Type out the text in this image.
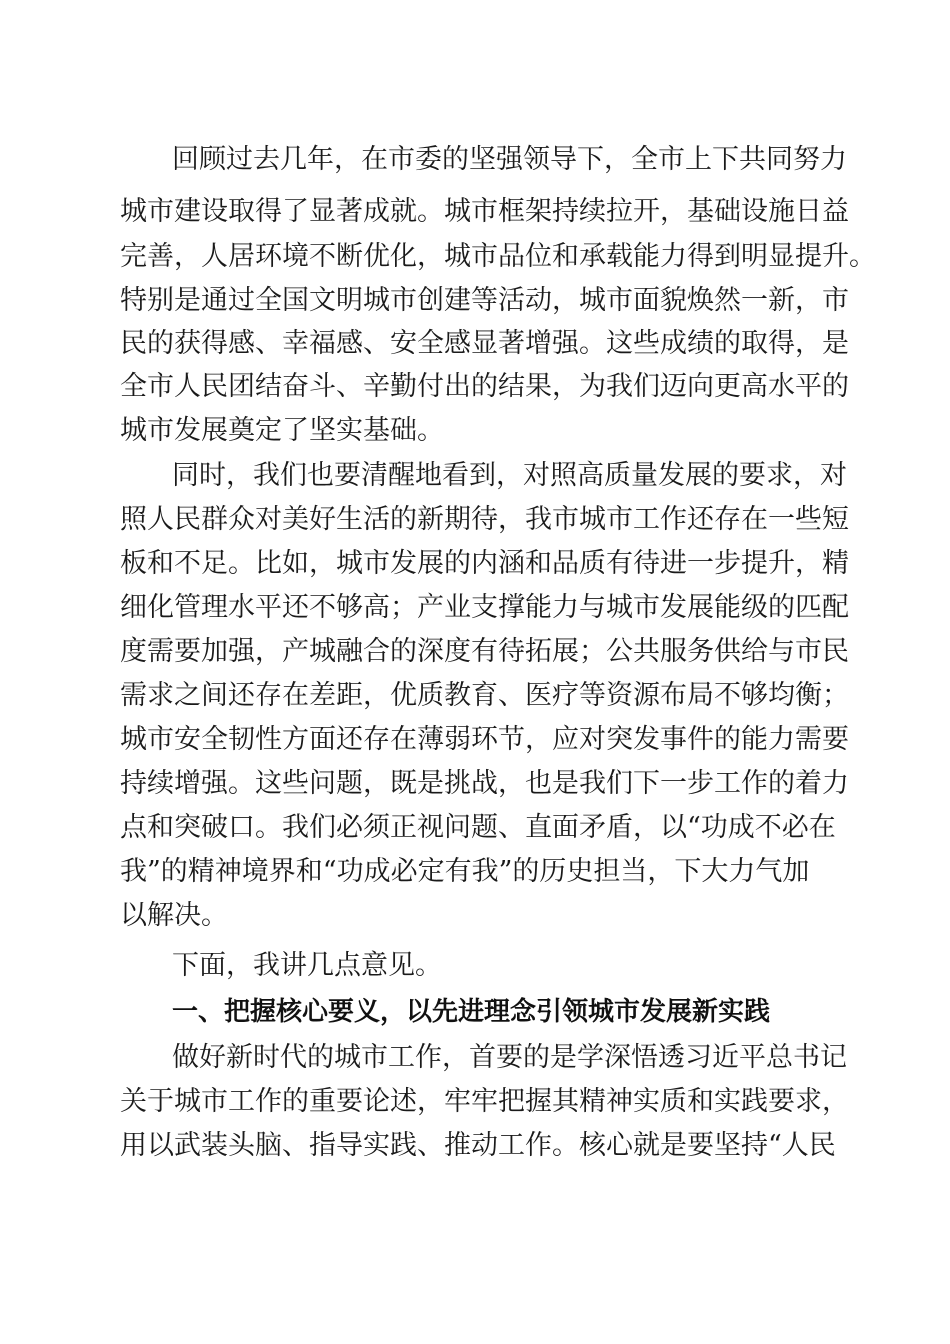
回顾过去几年，在市委的坚强领导下，全市上下共同努力
城市建设取得了显著成就。城市框架持续拉开，基础设施日益
完善，人居环境不断优化，城市品位和承载能力得到明显提升。
特别是通过全国文明城市创建等活动，城市面貌焕然一新，市
民的获得感、幸福感、安全感显著增强。这些成绩的取得，是
全市人民团结奋斗、辛勤付出的结果，为我们迈向更高水平的
城市发展奠定了坚实基础。
同时，我们也要清醒地看到，对照高质量发展的要求，对
照人民群众对美好生活的新期待，我市城市工作还存在一些短
板和不足。比如，城市发展的内涵和品质有待进一步提升，精
细化管理水平还不够高；产业支撑能力与城市发展能级的匹配
度需要加强，产城融合的深度有待拓展；公共服务供给与市民
需求之间还存在差距，优质教育、医疗等资源布局不够均衡；
城市安全韧性方面还存在薄弱环节，应对突发事件的能力需要
持续增强。这些问题，既是挑战，也是我们下一步工作的着力
点和突破口。我们必须正视问题、直面矛盾，以“功成不必在
我”的精神境界和“功成必定有我”的历史担当，下大力气加
以解决。
下面，我讲几点意见。
一、把握核心要义，以先进理念引领城市发展新实践
做好新时代的城市工作，首要的是学深悟透习近平总书记
关于城市工作的重要论述，牢牢把握其精神实质和实践要求，
用以武装头脑、指导实践、推动工作。核心就是要坚持“人民
